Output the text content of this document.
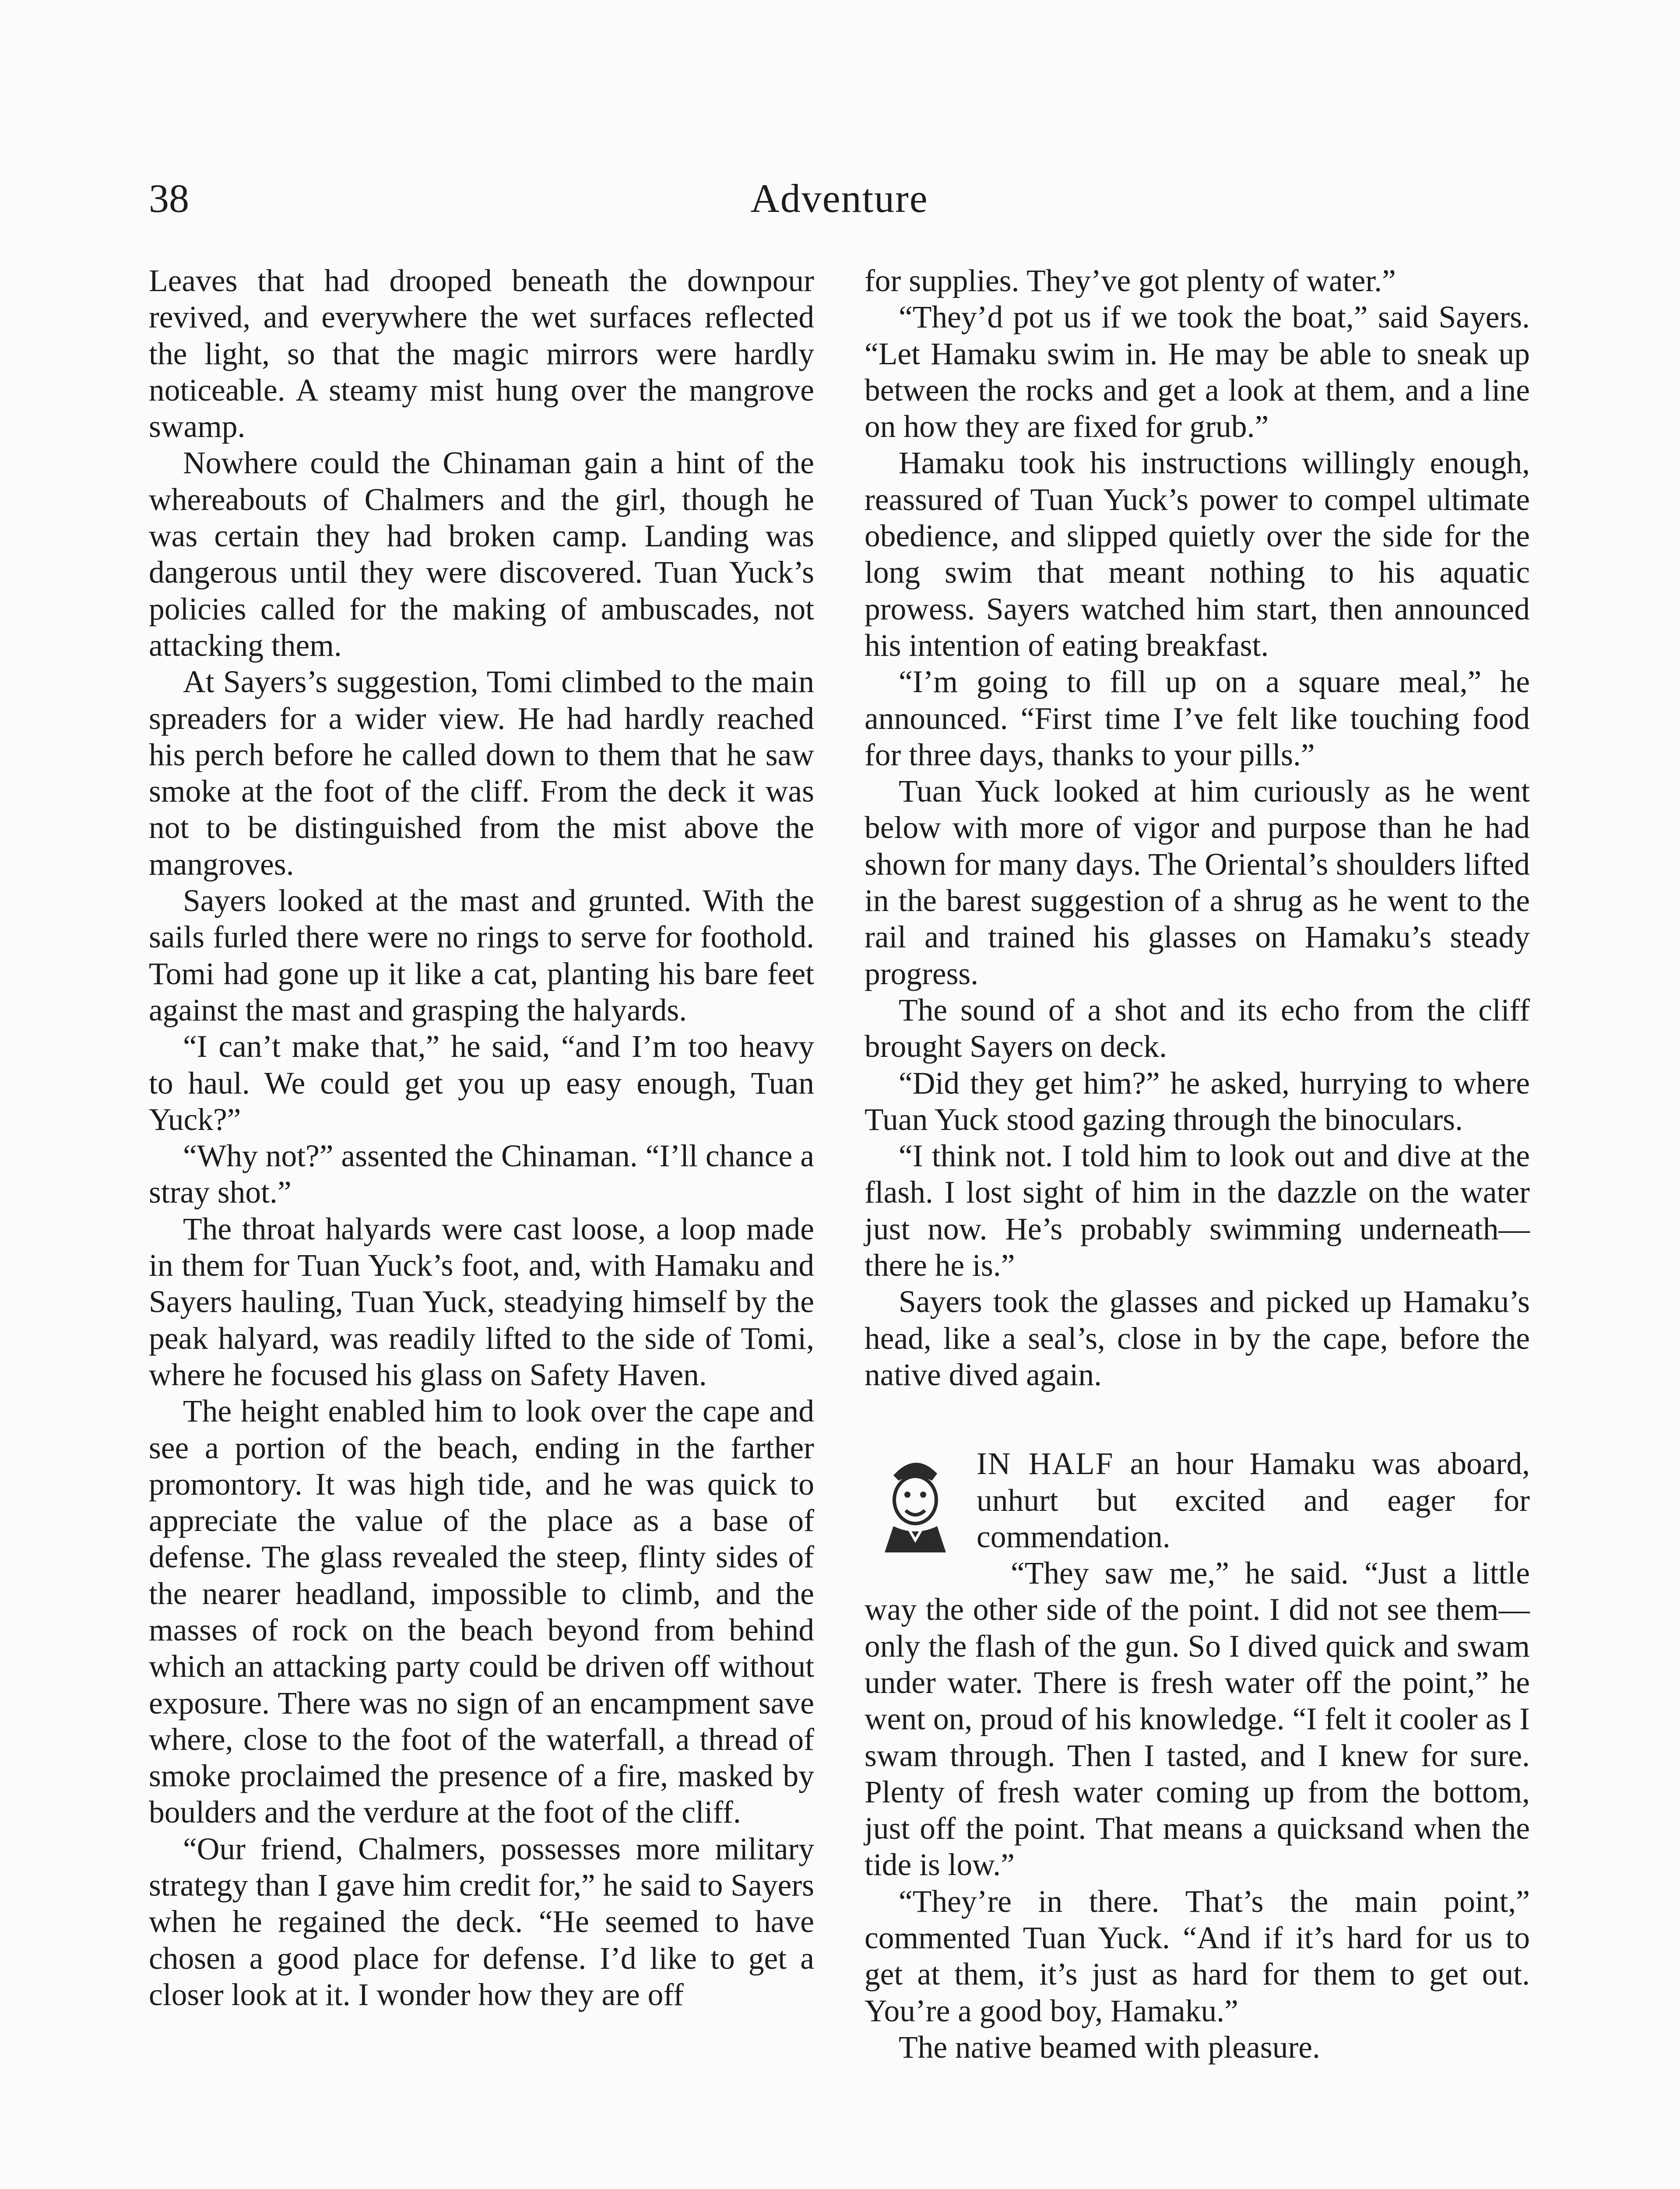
38	Adventure

Leaves that had drooped beneath the downpour revived, and everywhere the wet surfaces reflected the light, so that the magic mirrors were hardly noticeable. A steamy mist hung over the mangrove swamp.

Nowhere could the Chinaman gain a hint of the whereabouts of Chalmers and the girl, though he was certain they had broken camp. Landing was dangerous until they were discovered. Tuan Yuck’s policies called for the making of ambuscades, not attacking them.

At Sayers’s suggestion, Tomi climbed to the main spreaders for a wider view. He had hardly reached his perch before he called down to them that he saw smoke at the foot of the cliff. From the deck it was not to be distinguished from the mist above the mangroves.

Sayers looked at the mast and grunted. With the sails furled there were no rings to serve for foothold. Tomi had gone up it like a cat, planting his bare feet against the mast and grasping the halyards.

“I can’t make that,” he said, “and I’m too heavy to haul. We could get you up easy enough, Tuan Yuck?”

“Why not?” assented the Chinaman. “I’ll chance a stray shot.”

The throat halyards were cast loose, a loop made in them for Tuan Yuck’s foot, and, with Hamaku and Sayers hauling, Tuan Yuck, steadying himself by the peak halyard, was readily lifted to the side of Tomi, where he focused his glass on Safety Haven.

The height enabled him to look over the cape and see a portion of the beach, ending in the farther promontory. It was high tide, and he was quick to appreciate the value of the place as a base of defense. The glass revealed the steep, flinty sides of the nearer headland, impossible to climb, and the masses of rock on the beach beyond from behind which an attacking party could be driven off without exposure. There was no sign of an encampment save where, close to the foot of the waterfall, a thread of smoke proclaimed the presence of a fire, masked by boulders and the verdure at the foot of the cliff.

“Our friend, Chalmers, possesses more military strategy than I gave him credit for,” he said to Sayers when he regained the deck. “He seemed to have chosen a good place for defense. I’d like to get a closer look at it. I wonder how they are off

for supplies. They’ve got plenty of water.”

“They’d pot us if we took the boat,” said Sayers. “Let Hamaku swim in. He may be able to sneak up between the rocks and get a look at them, and a line on how they are fixed for grub.”

Hamaku took his instructions willingly enough, reassured of Tuan Yuck’s power to compel ultimate obedience, and slipped quietly over the side for the long swim that meant nothing to his aquatic prowess. Sayers watched him start, then announced his intention of eating breakfast.

“I’m going to fill up on a square meal,” he announced. “First time I’ve felt like touching food for three days, thanks to your pills.”

Tuan Yuck looked at him curiously as he went below with more of vigor and purpose than he had shown for many days. The Oriental’s shoulders lifted in the barest suggestion of a shrug as he went to the rail and trained his glasses on Hamaku’s steady progress.

The sound of a shot and its echo from the cliff brought Sayers on deck.

“Did they get him?” he asked, hurrying to where Tuan Yuck stood gazing through the binoculars.

“I think not. I told him to look out and dive at the flash. I lost sight of him in the dazzle on the water just now. He’s probably swimming underneath—there he is.”

Sayers took the glasses and picked up Hamaku’s head, like a seal’s, close in by the cape, before the native dived again.

IN HALF an hour Hamaku was aboard, unhurt but excited and eager for commendation.

“They saw me,” he said. “Just a little way the other side of the point. I did not see them—only the flash of the gun. So I dived quick and swam under water. There is fresh water off the point,” he went on, proud of his knowledge. “I felt it cooler as I swam through. Then I tasted, and I knew for sure. Plenty of fresh water coming up from the bottom, just off the point. That means a quicksand when the tide is low.”

“They’re in there. That’s the main point,” commented Tuan Yuck. “And if it’s hard for us to get at them, it’s just as hard for them to get out. You’re a good boy, Hamaku.”

The native beamed with pleasure.
